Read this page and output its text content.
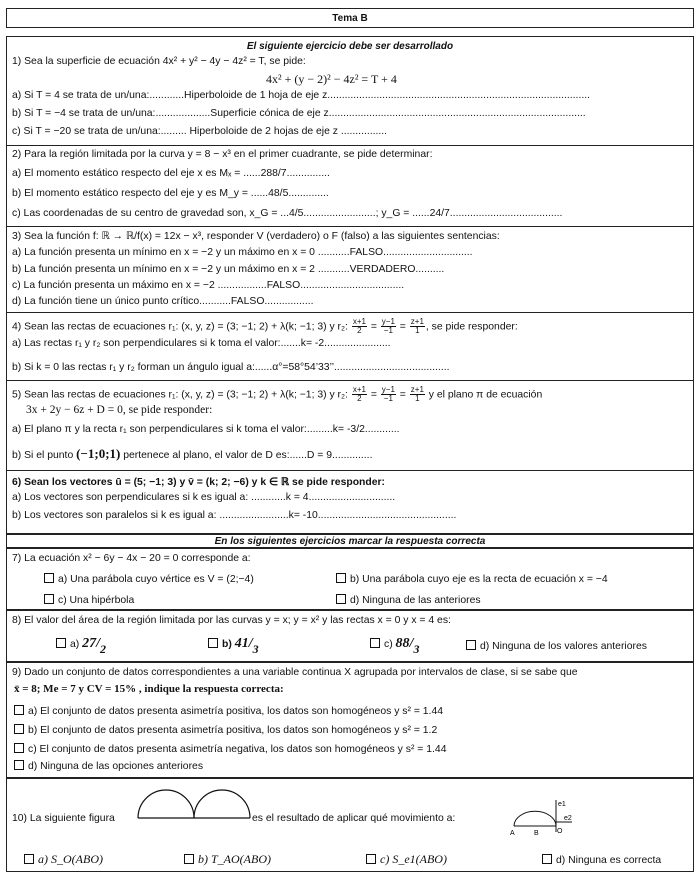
Tema B
El siguiente ejercicio debe ser desarrollado
1) Sea la superficie de ecuación 4x² + y² − 4y − 4z² = T, se pide:
4x² + (y − 2)² − 4z² = T + 4
a) Si T = 4 se trata de un/una:............Hiperboloide de 1 hoja de eje z...........................................................................................
b) Si T = −4 se trata de un/una:...................Superficie cónica de eje z.........................................................................................
c) Si T = −20 se trata de un/una:......... Hiperboloide de 2 hojas de eje z ................
2) Para la región limitada por la curva y = 8 − x³ en el primer cuadrante, se pide determinar:
a) El momento estático respecto del eje x es Mₓ = ......288/7...............
b) El momento estático respecto del eje y es M_y = ......48/5..............
c) Las coordenadas de su centro de gravedad son, x_G = ...4/5.........................; y_G = ......24/7.......................................
3) Sea la función f: ℝ → ℝ/f(x) = 12x − x³, responder V (verdadero) o F (falso) a las siguientes sentencias:
a) La función presenta un mínimo en x = −2 y un máximo en x = 0 ...........FALSO...............................
b) La función presenta un mínimo en x = −2 y un máximo en x = 2 ...........VERDADERO..........
c) La función presenta un máximo en x = −2 .................FALSO....................................
d) La función tiene un único punto crítico...........FALSO.................
4) Sean las rectas de ecuaciones r₁: (x, y, z) = (3; −1; 2) + λ(k; −1; 3) y r₂: $\frac{x+1}{2} = \frac{y-1}{-1} = \frac{z+1}{1}$ , se pide responder:
a) Las rectas r₁ y r₂ son perpendiculares si k toma el valor:.......k= -2.......................
b) Si k = 0 las rectas r₁ y r₂ forman un ángulo igual a:......α°=58°54’33’’........................................
5) Sean las rectas de ecuaciones r₁: (x, y, z) = (3; −1; 2) + λ(k; −1; 3) y r₂: $\frac{x+1}{2} = \frac{y-1}{-1} = \frac{z+1}{1}$ y el plano π de ecuación
3x + 2y − 6z + D = 0, se pide responder:
a) El plano π y la recta r₁ son perpendiculares si k toma el valor:.........k= -3/2............
b) Si el punto (−1;0;1) pertenece al plano, el valor de D es:......D = 9..............
6) Sean los vectores ū = (5; −1; 3) y v̄ = (k; 2; −6) y k ∈ ℝ se pide responder:
a) Los vectores son perpendiculares si k es igual a: ............k = 4..............................
b) Los vectores son paralelos si k es igual a: ........................k= -10................................................
En los siguientes ejercicios marcar la respuesta correcta
7) La ecuación x² − 6y − 4x − 20 = 0 corresponde a:
a) Una parábola cuyo vértice es V = (2;−4)	b) Una parábola cuyo eje es la recta de ecuación x = −4
c) Una hipérbola	d) Ninguna de las anteriores
8) El valor del área de la región limitada por las curvas y = x; y = x² y las rectas x = 0 y x = 4 es:
a) 27/2	b) 41/3	c) 88/3	d) Ninguna de los valores anteriores
9) Dado un conjunto de datos correspondientes a una variable continua X agrupada por intervalos de clase, si se sabe que
x̄ = 8; Me = 7 y CV = 15% , indique la respuesta correcta:
a) El conjunto de datos presenta asimetría positiva, los datos son homogéneos y s² = 1.44
b) El conjunto de datos presenta asimetría positiva, los datos son homogéneos y s² = 1.2
c) El conjunto de datos presenta asimetría negativa, los datos son homogéneos y s² = 1.44
d) Ninguna de las opciones anteriores
10) La siguiente figura	es el resultado de aplicar qué movimiento a:
e1
e2
A	B	O
a) S_O(ABO)	b) T_AO(ABO)	c) S_e1(ABO)	d) Ninguna es correcta
